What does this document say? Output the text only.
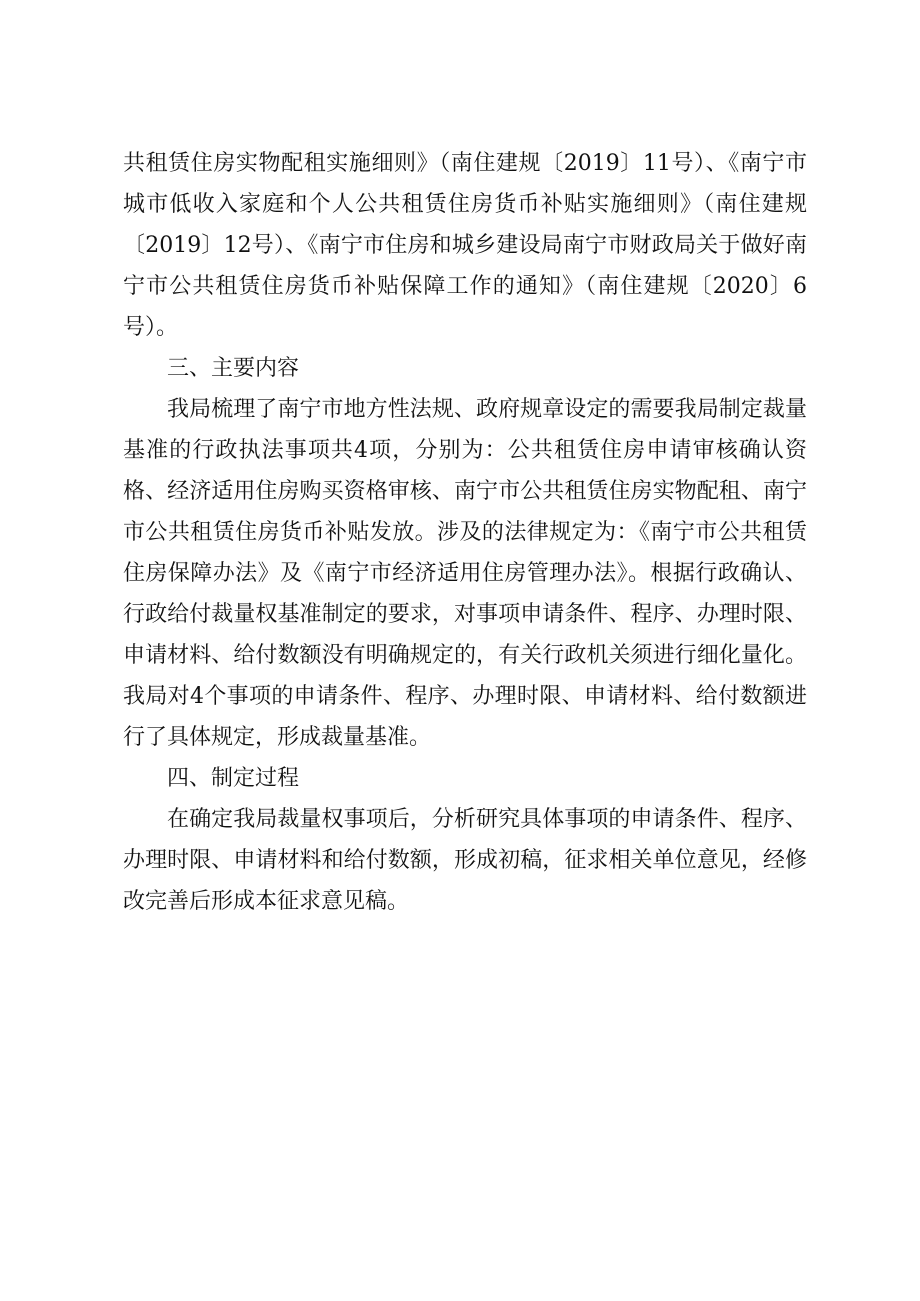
共租赁住房实物配租实施细则》（南住建规〔2019〕11号）、《南宁市城市低收入家庭和个人公共租赁住房货币补贴实施细则》（南住建规〔2019〕12号）、《南宁市住房和城乡建设局南宁市财政局关于做好南宁市公共租赁住房货币补贴保障工作的通知》（南住建规〔2020〕6号）。

三、主要内容

我局梳理了南宁市地方性法规、政府规章设定的需要我局制定裁量基准的行政执法事项共4项，分别为：公共租赁住房申请审核确认资格、经济适用住房购买资格审核、南宁市公共租赁住房实物配租、南宁市公共租赁住房货币补贴发放。涉及的法律规定为：《南宁市公共租赁住房保障办法》及《南宁市经济适用住房管理办法》。根据行政确认、行政给付裁量权基准制定的要求，对事项申请条件、程序、办理时限、申请材料、给付数额没有明确规定的，有关行政机关须进行细化量化。我局对4个事项的申请条件、程序、办理时限、申请材料、给付数额进行了具体规定，形成裁量基准。

四、制定过程

在确定我局裁量权事项后，分析研究具体事项的申请条件、程序、办理时限、申请材料和给付数额，形成初稿，征求相关单位意见，经修改完善后形成本征求意见稿。
